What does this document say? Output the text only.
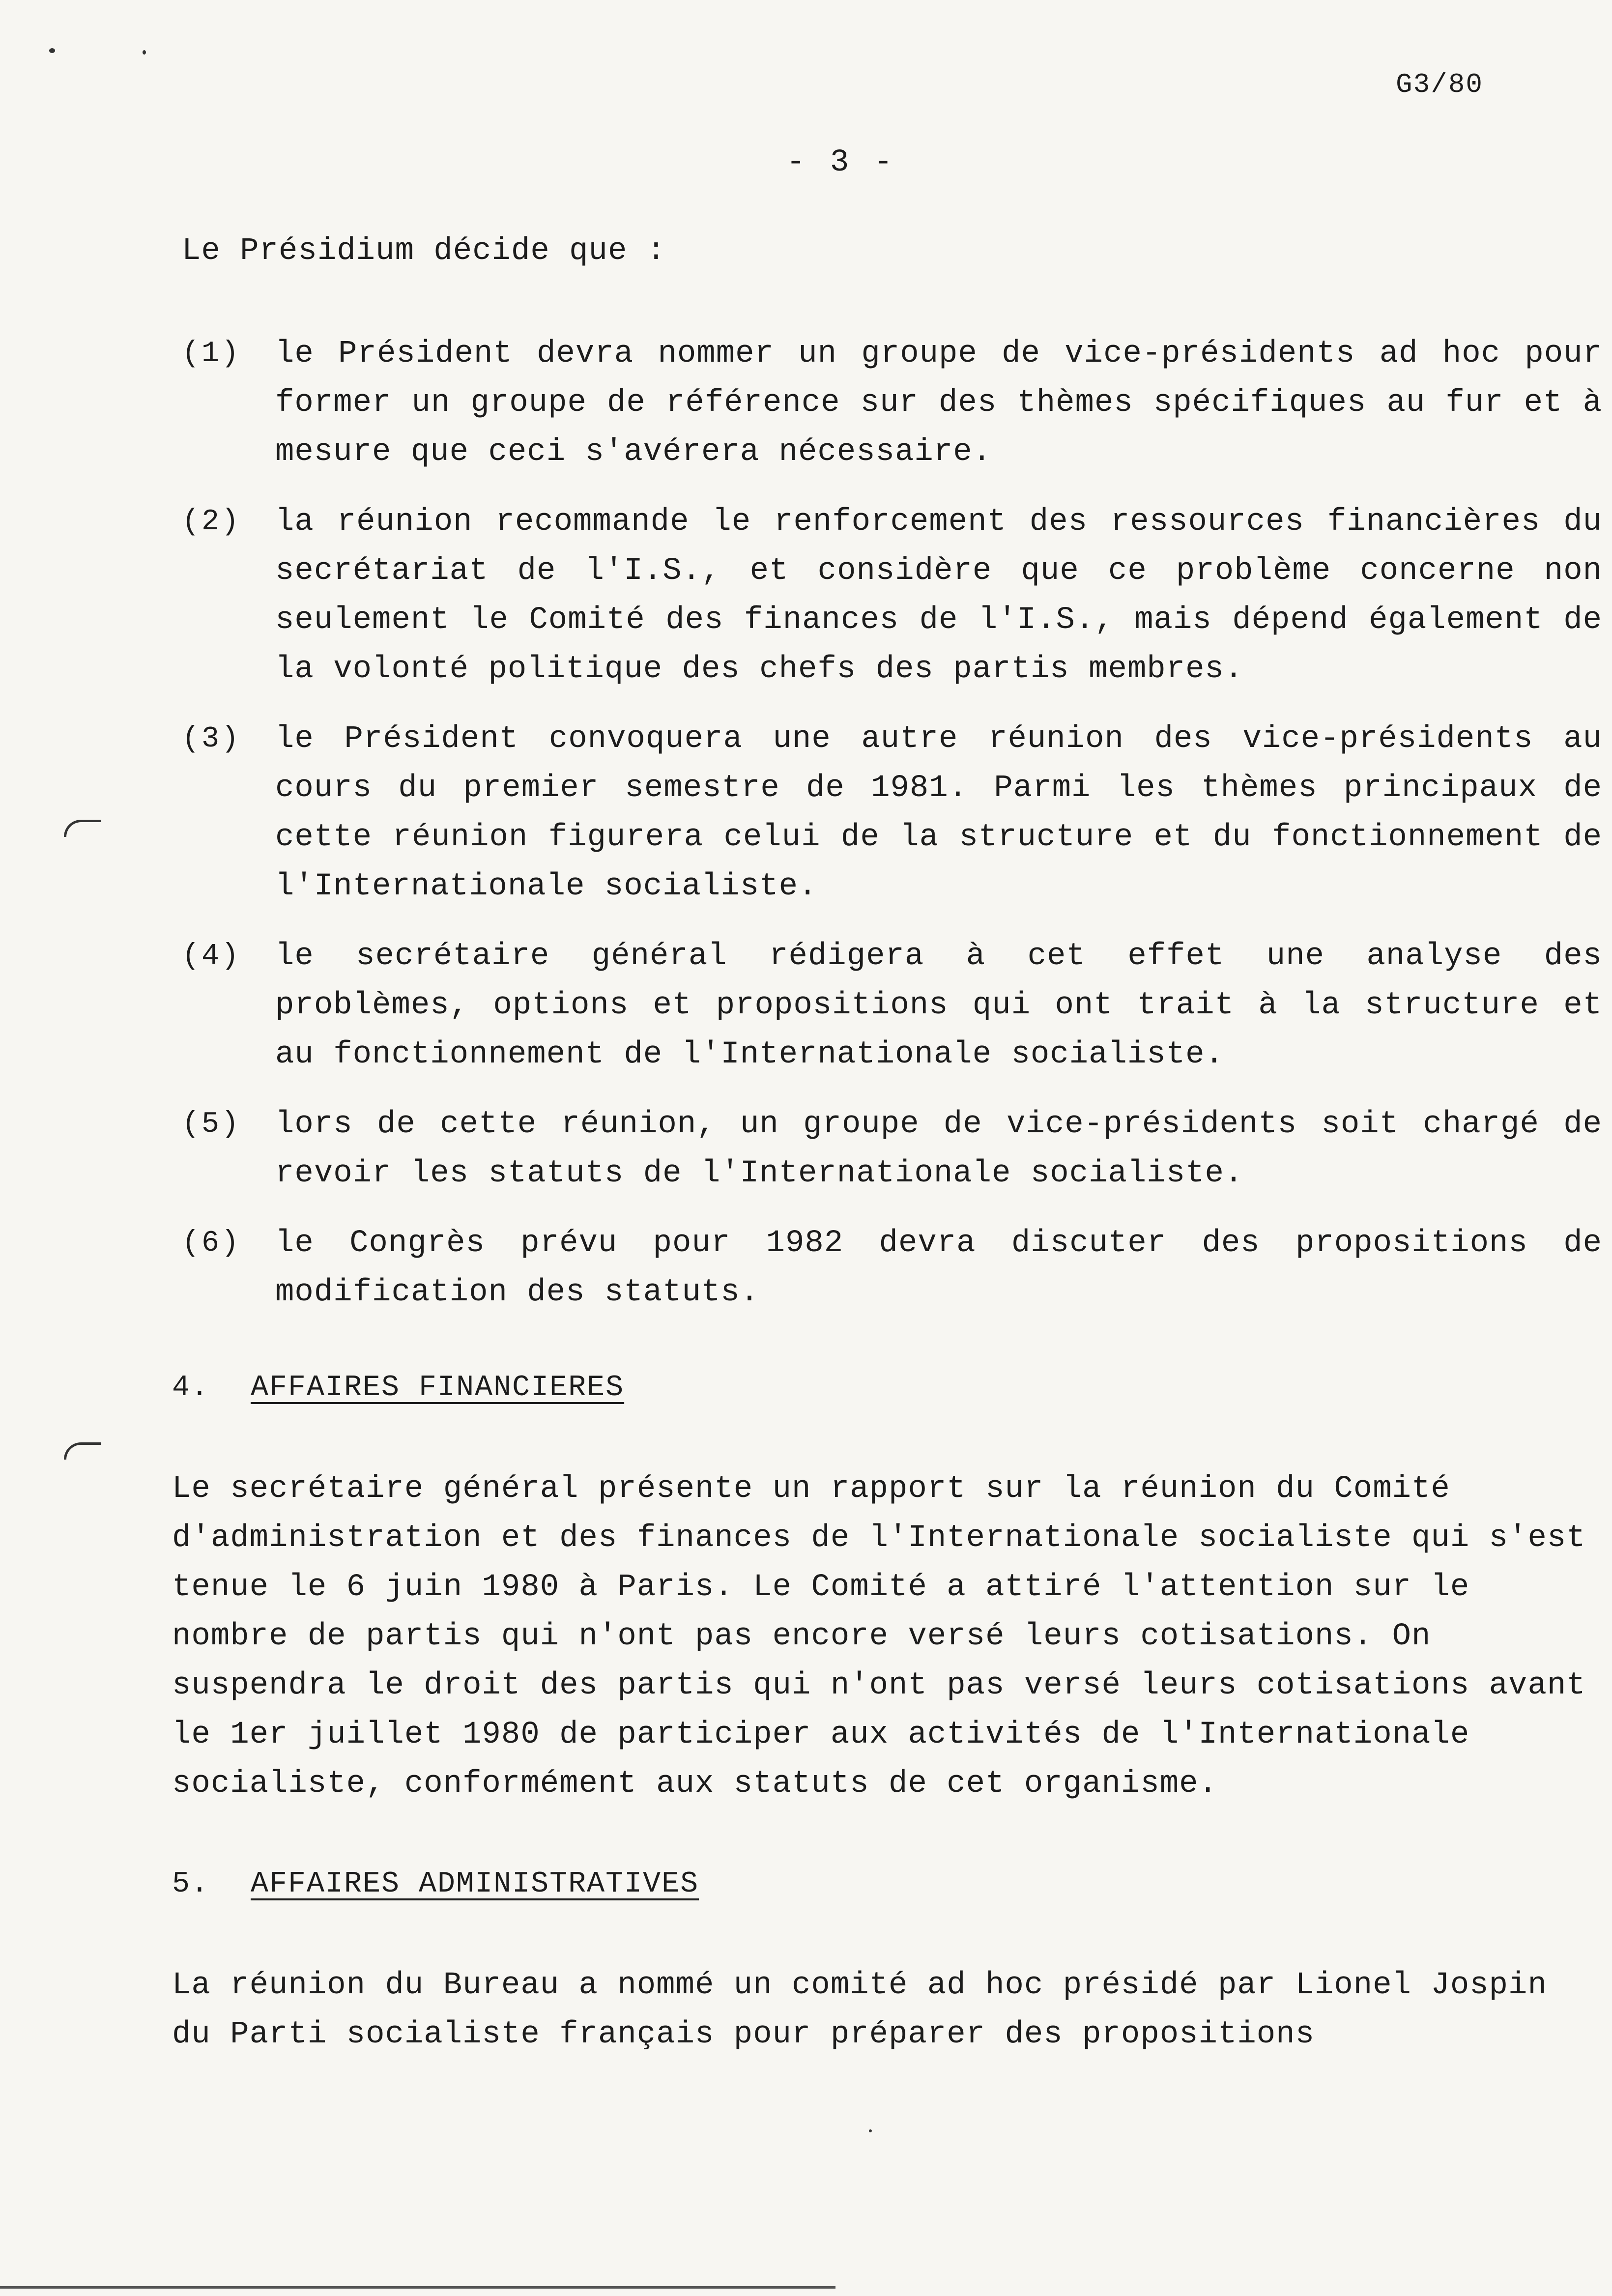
G3/80
- 3 -
Le Présidium décide que :
(1)	le Président devra nommer un groupe de vice-présidents ad hoc pour former un groupe de référence sur des thèmes spécifiques au fur et à mesure que ceci s'avérera nécessaire.
(2)	la réunion recommande le renforcement des ressources financières du secrétariat de l'I.S., et considère que ce problème concerne non seulement le Comité des finances de l'I.S., mais dépend également de la volonté politique des chefs des partis membres.
(3)	le Président convoquera une autre réunion des vice-présidents au cours du premier semestre de 1981. Parmi les thèmes principaux de cette réunion figurera celui de la structure et du fonctionnement de l'Internationale socialiste.
(4)	le secrétaire général rédigera à cet effet une analyse des problèmes, options et propositions qui ont trait à la structure et au fonctionnement de l'Internationale socialiste.
(5)	lors de cette réunion, un groupe de vice-présidents soit chargé de revoir les statuts de l'Internationale socialiste.
(6)	le Congrès prévu pour 1982 devra discuter des propositions de modification des statuts.
4. AFFAIRES FINANCIERES
Le secrétaire général présente un rapport sur la réunion du Comité d'administration et des finances de l'Internationale socialiste qui s'est tenue le 6 juin 1980 à Paris. Le Comité a attiré l'attention sur le nombre de partis qui n'ont pas encore versé leurs cotisations. On suspendra le droit des partis qui n'ont pas versé leurs cotisations avant le 1er juillet 1980 de participer aux activités de l'Internationale socialiste, conformément aux statuts de cet organisme.
5. AFFAIRES ADMINISTRATIVES
La réunion du Bureau a nommé un comité ad hoc présidé par Lionel Jospin du Parti socialiste français pour préparer des propositions
